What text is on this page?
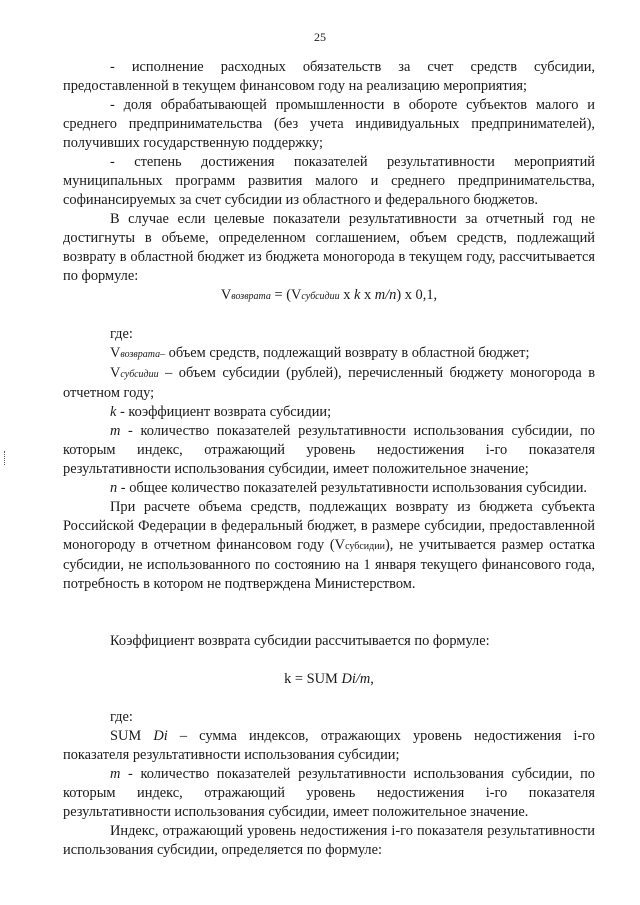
25

- исполнение расходных обязательств за счет средств субсидии, предоставленной в текущем финансовом году на реализацию мероприятия;

- доля обрабатывающей промышленности в обороте субъектов малого и среднего предпринимательства (без учета индивидуальных предпринимателей), получивших государственную поддержку;

- степень достижения показателей результативности мероприятий муниципальных программ развития малого и среднего предпринимательства, софинансируемых за счет субсидии из областного и федерального бюджетов.

В случае если целевые показатели результативности за отчетный год не достигнуты в объеме, определенном соглашением, объем средств, подлежащий возврату в областной бюджет из бюджета моногорода в текущем году, рассчитывается по формуле:

Vвозврата = (Vсубсидии x k x m/n) x 0,1,

где:

Vвозврата– объем средств, подлежащий возврату в областной бюджет;

Vсубсидии – объем субсидии (рублей), перечисленный бюджету моногорода в отчетном году;

k - коэффициент возврата субсидии;

m - количество показателей результативности использования субсидии, по которым индекс, отражающий уровень недостижения i-го показателя результативности использования субсидии, имеет положительное значение;

n - общее количество показателей результативности использования субсидии.

При расчете объема средств, подлежащих возврату из бюджета субъекта Российской Федерации в федеральный бюджет, в размере субсидии, предоставленной моногороду в отчетном финансовом году (Vсубсидии), не учитывается размер остатка субсидии, не использованного по состоянию на 1 января текущего финансового года, потребность в котором не подтверждена Министерством.

Коэффициент возврата субсидии рассчитывается по формуле:

k = SUM Di/m,

где:

SUM Di – сумма индексов, отражающих уровень недостижения i-го показателя результативности использования субсидии;

m - количество показателей результативности использования субсидии, по которым индекс, отражающий уровень недостижения i-го показателя результативности использования субсидии, имеет положительное значение.

Индекс, отражающий уровень недостижения i-го показателя результативности использования субсидии, определяется по формуле:
